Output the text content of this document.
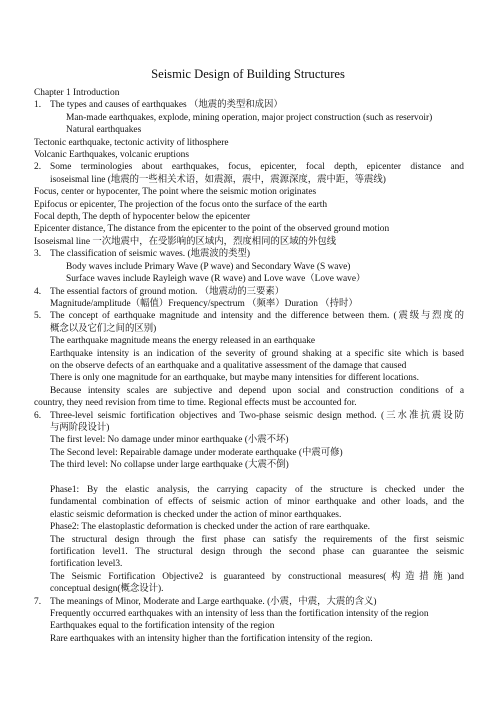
Seismic Design of Building Structures
Chapter 1 Introduction
1. The types and causes of earthquakes （地震的类型和成因）
Man-made earthquakes, explode, mining operation, major project construction (such as reservoir)
Natural earthquakes
Tectonic earthquake, tectonic activity of lithosphere
Volcanic Earthquakes, volcanic eruptions
2. Some terminologies about earthquakes, focus, epicenter, focal depth, epicenter distance and
isoseismal line (地震的一些相关术语，如震源，震中，震源深度，震中距，等震线)
Focus, center or hypocenter, The point where the seismic motion originates
Epifocus or epicenter, The projection of the focus onto the surface of the earth
Focal depth, The depth of hypocenter below the epicenter
Epicenter distance, The distance from the epicenter to the point of the observed ground motion
Isoseismal line 一次地震中，在受影响的区域内，烈度相同的区域的外包线
3. The classification of seismic waves. (地震波的类型)
Body waves include Primary Wave (P wave) and Secondary Wave (S wave)
Surface waves include Rayleigh wave (R wave) and Love wave（Love wave）
4. The essential factors of ground motion. （地震动的三要素）
Magnitude/amplitude（幅值）Frequency/spectrum （频率）Duration （持时）
5. The concept of earthquake magnitude and intensity and the difference between them. (震级与烈度的
概念以及它们之间的区别)
The earthquake magnitude means the energy released in an earthquake
Earthquake intensity is an indication of the severity of ground shaking at a specific site which is based
on the observe defects of an earthquake and a qualitative assessment of the damage that caused
There is only one magnitude for an earthquake, but maybe many intensities for different locations.
Because intensity scales are subjective and depend upon social and construction conditions of a
country, they need revision from time to time. Regional effects must be accounted for.
6. Three-level seismic fortification objectives and Two-phase seismic design method. (三水准抗震设防
与两阶段设计)
The first level: No damage under minor earthquake (小震不坏)
The Second level: Repairable damage under moderate earthquake (中震可修)
The third level: No collapse under large earthquake (大震不倒)
Phase1: By the elastic analysis, the carrying capacity of the structure is checked under the
fundamental combination of effects of seismic action of minor earthquake and other loads, and the
elastic seismic deformation is checked under the action of minor earthquakes.
Phase2: The elastoplastic deformation is checked under the action of rare earthquake.
The structural design through the first phase can satisfy the requirements of the first seismic
fortification level1. The structural design through the second phase can guarantee the seismic
fortification level3.
The Seismic Fortification Objective2 is guaranteed by constructional measures(构造措施)and
conceptual design(概念设计).
7. The meanings of Minor, Moderate and Large earthquake. (小震，中震，大震的含义)
Frequently occurred earthquakes with an intensity of less than the fortification intensity of the region
Earthquakes equal to the fortification intensity of the region
Rare earthquakes with an intensity higher than the fortification intensity of the region.
